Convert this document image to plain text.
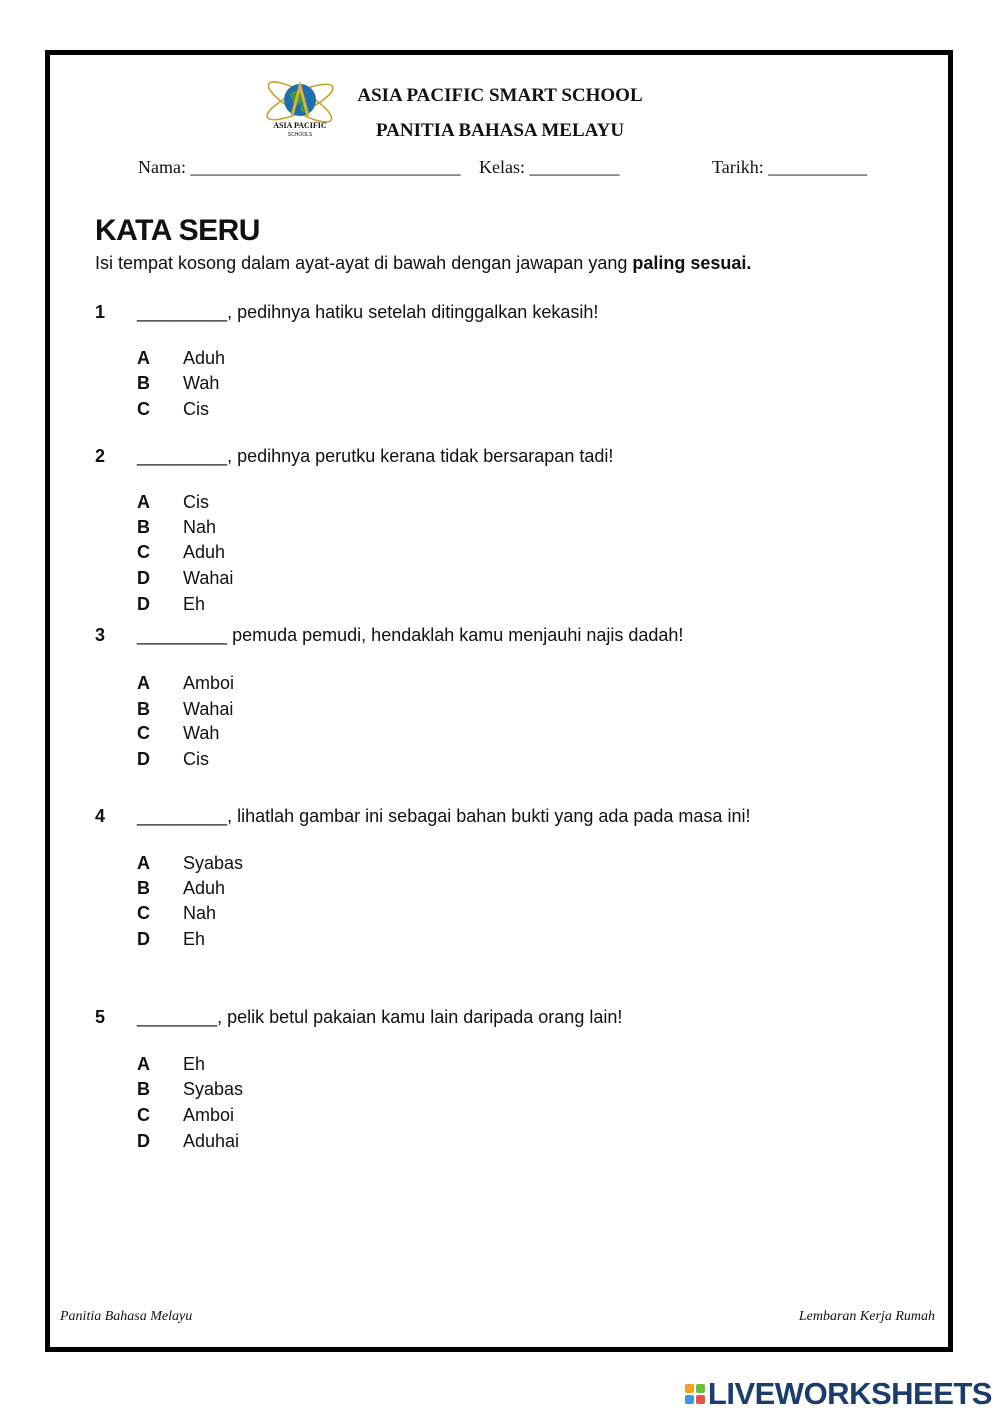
ASIA PACIFIC
SCHOOLS
ASIA PACIFIC SMART SCHOOL
PANITIA BAHASA MELAYU
Nama: ______________________________ Kelas: __________	Tarikh: ___________
KATA SERU
Isi tempat kosong dalam ayat-ayat di bawah dengan jawapan yang paling sesuai.
1 _________, pedihnya hatiku setelah ditinggalkan kekasih!
A Aduh
B Wah
C Cis
2 _________, pedihnya perutku kerana tidak bersarapan tadi!
A Cis
B Nah
C Aduh
D Wahai
D Eh
3 _________ pemuda pemudi, hendaklah kamu menjauhi najis dadah!
A Amboi
B Wahai
C Wah
D Cis
4 _________, lihatlah gambar ini sebagai bahan bukti yang ada pada masa ini!
A Syabas
B Aduh
C Nah
D Eh
5 ________, pelik betul pakaian kamu lain daripada orang lain!
A Eh
B Syabas
C Amboi
D Aduhai
Panitia Bahasa Melayu	Lembaran Kerja Rumah
LIVEWORKSHEETS
